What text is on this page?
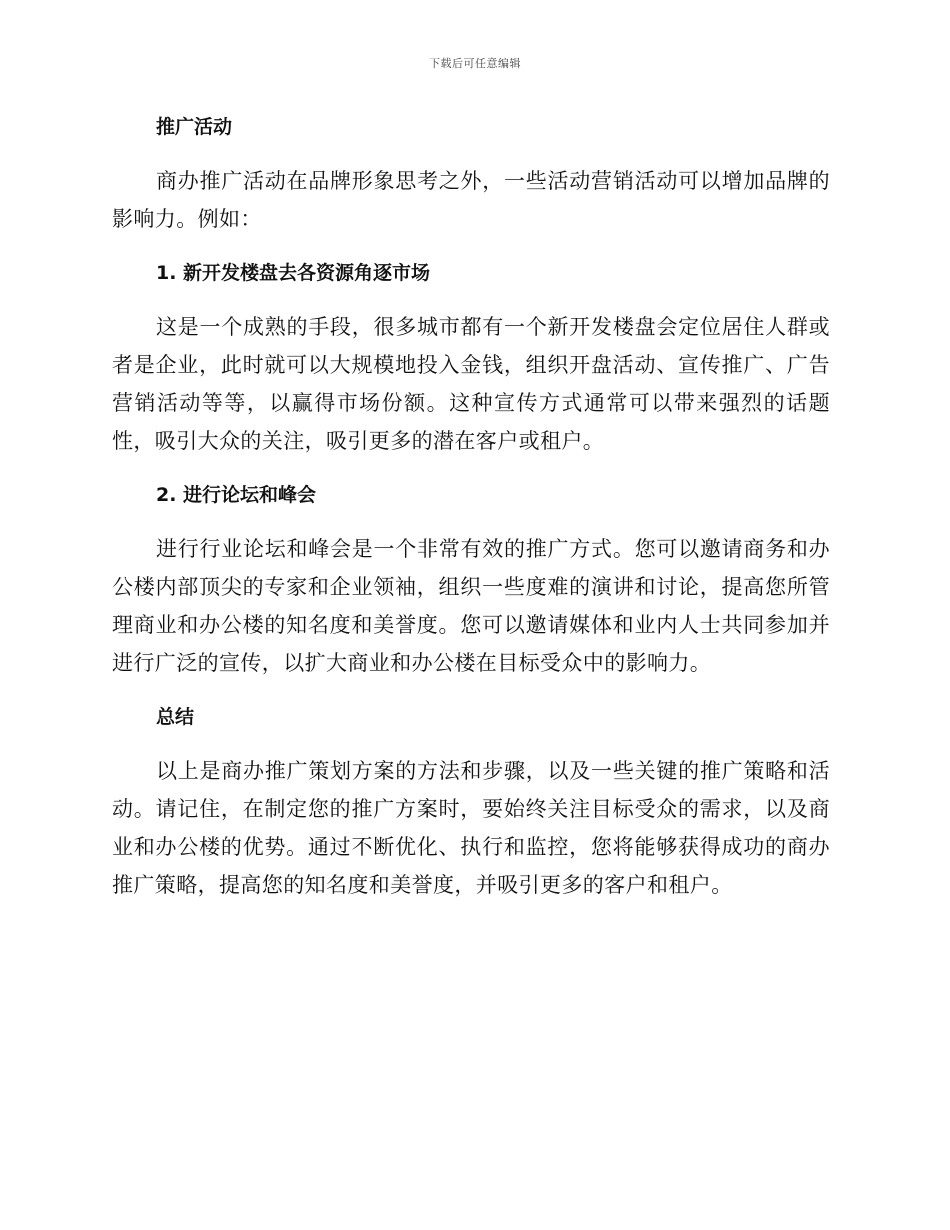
下载后可任意编辑
推广活动

商办推广活动在品牌形象思考之外，一些活动营销活动可以增加品牌的影响力。例如：

1. 新开发楼盘去各资源角逐市场

这是一个成熟的手段，很多城市都有一个新开发楼盘会定位居住人群或者是企业，此时就可以大规模地投入金钱，组织开盘活动、宣传推广、广告营销活动等等，以赢得市场份额。这种宣传方式通常可以带来强烈的话题性，吸引大众的关注，吸引更多的潜在客户或租户。

2. 进行论坛和峰会

进行行业论坛和峰会是一个非常有效的推广方式。您可以邀请商务和办公楼内部顶尖的专家和企业领袖，组织一些度难的演讲和讨论，提高您所管理商业和办公楼的知名度和美誉度。您可以邀请媒体和业内人士共同参加并进行广泛的宣传，以扩大商业和办公楼在目标受众中的影响力。

总结

以上是商办推广策划方案的方法和步骤，以及一些关键的推广策略和活动。请记住，在制定您的推广方案时，要始终关注目标受众的需求，以及商业和办公楼的优势。通过不断优化、执行和监控，您将能够获得成功的商办推广策略，提高您的知名度和美誉度，并吸引更多的客户和租户。
